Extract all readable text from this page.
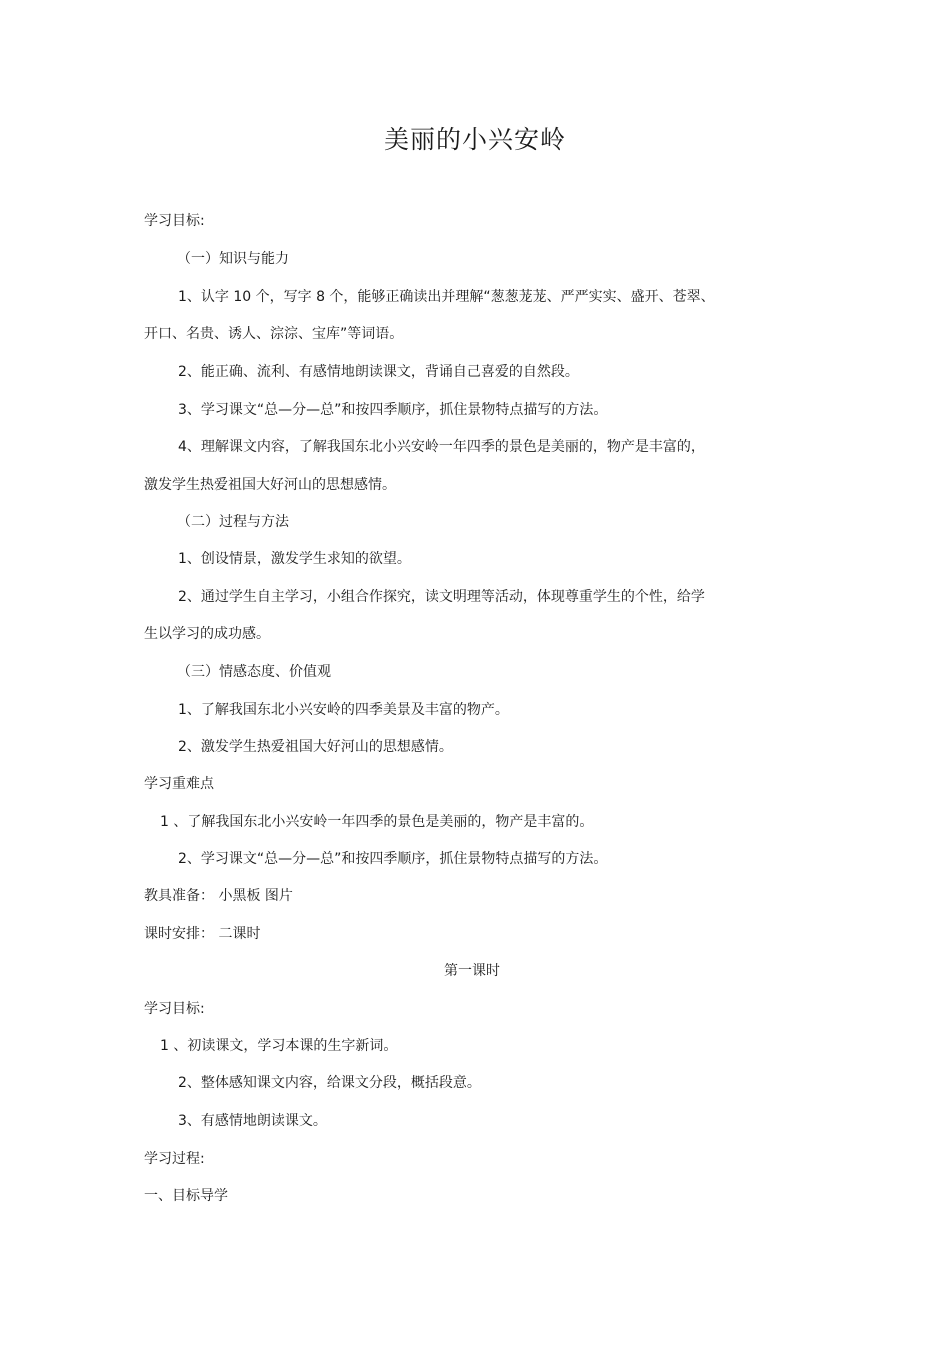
美丽的小兴安岭
学习目标:
（一）知识与能力
1、认字 10 个，写字 8 个，能够正确读出并理解“葱葱茏茏、严严实实、盛开、苍翠、
开口、名贵、诱人、淙淙、宝库”等词语。
2、能正确、流利、有感情地朗读课文，背诵自己喜爱的自然段。
3、学习课文“总—分—总”和按四季顺序，抓住景物特点描写的方法。
4、理解课文内容，了解我国东北小兴安岭一年四季的景色是美丽的，物产是丰富的，
激发学生热爱祖国大好河山的思想感情。
（二）过程与方法
1、创设情景，激发学生求知的欲望。
2、通过学生自主学习，小组合作探究，读文明理等活动，体现尊重学生的个性，给学
生以学习的成功感。
（三）情感态度、价值观
1、了解我国东北小兴安岭的四季美景及丰富的物产。
2、激发学生热爱祖国大好河山的思想感情。
学习重难点
1 、了解我国东北小兴安岭一年四季的景色是美丽的，物产是丰富的。
2、学习课文“总—分—总”和按四季顺序，抓住景物特点描写的方法。
教具准备： 小黑板 图片
课时安排： 二课时
第一课时
学习目标:
1 、初读课文，学习本课的生字新词。
2、整体感知课文内容，给课文分段，概括段意。
3、有感情地朗读课文。
学习过程:
一、目标导学
